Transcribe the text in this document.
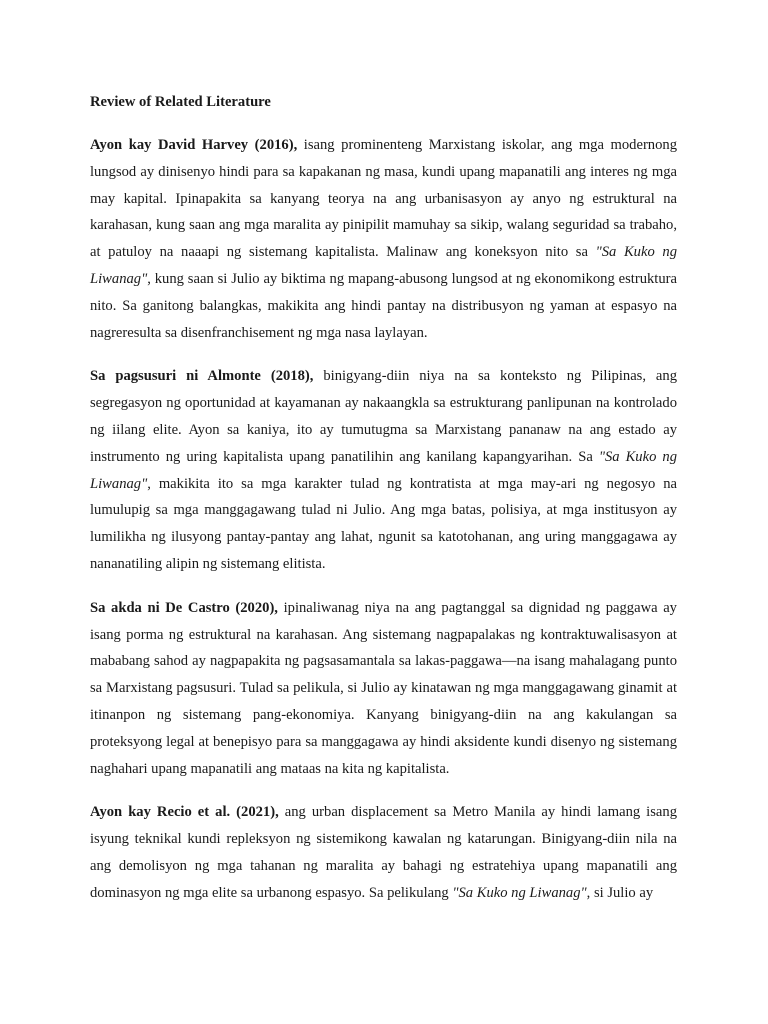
Review of Related Literature

Ayon kay David Harvey (2016), isang prominenteng Marxistang iskolar, ang mga modernong lungsod ay dinisenyo hindi para sa kapakanan ng masa, kundi upang mapanatili ang interes ng mga may kapital. Ipinapakita sa kanyang teorya na ang urbanisasyon ay anyo ng estruktural na karahasan, kung saan ang mga maralita ay pinipilit mamuhay sa sikip, walang seguridad sa trabaho, at patuloy na naaapi ng sistemang kapitalista. Malinaw ang koneksyon nito sa "Sa Kuko ng Liwanag", kung saan si Julio ay biktima ng mapang-abusong lungsod at ng ekonomikong estruktura nito. Sa ganitong balangkas, makikita ang hindi pantay na distribusyon ng yaman at espasyo na nagreresulta sa disenfranchisement ng mga nasa laylayan.

Sa pagsusuri ni Almonte (2018), binigyang-diin niya na sa konteksto ng Pilipinas, ang segregasyon ng oportunidad at kayamanan ay nakaangkla sa estrukturang panlipunan na kontrolado ng iilang elite. Ayon sa kaniya, ito ay tumutugma sa Marxistang pananaw na ang estado ay instrumento ng uring kapitalista upang panatilihin ang kanilang kapangyarihan. Sa "Sa Kuko ng Liwanag", makikita ito sa mga karakter tulad ng kontratista at mga may-ari ng negosyo na lumulupig sa mga manggagawang tulad ni Julio. Ang mga batas, polisiya, at mga institusyon ay lumilikha ng ilusyong pantay-pantay ang lahat, ngunit sa katotohanan, ang uring manggagawa ay nananatiling alipin ng sistemang elitista.

Sa akda ni De Castro (2020), ipinaliwanag niya na ang pagtanggal sa dignidad ng paggawa ay isang porma ng estruktural na karahasan. Ang sistemang nagpapalakas ng kontraktuwalisasyon at mababang sahod ay nagpapakita ng pagsasamantala sa lakas-paggawa—na isang mahalagang punto sa Marxistang pagsusuri. Tulad sa pelikula, si Julio ay kinatawan ng mga manggagawang ginamit at itinanpon ng sistemang pang-ekonomiya. Kanyang binigyang-diin na ang kakulangan sa proteksyong legal at benepisyo para sa manggagawa ay hindi aksidente kundi disenyo ng sistemang naghahari upang mapanatili ang mataas na kita ng kapitalista.

Ayon kay Recio et al. (2021), ang urban displacement sa Metro Manila ay hindi lamang isang isyung teknikal kundi repleksyon ng sistemikong kawalan ng katarungan. Binigyang-diin nila na ang demolisyon ng mga tahanan ng maralita ay bahagi ng estratehiya upang mapanatili ang dominasyon ng mga elite sa urbanong espasyo. Sa pelikulang "Sa Kuko ng Liwanag", si Julio ay
